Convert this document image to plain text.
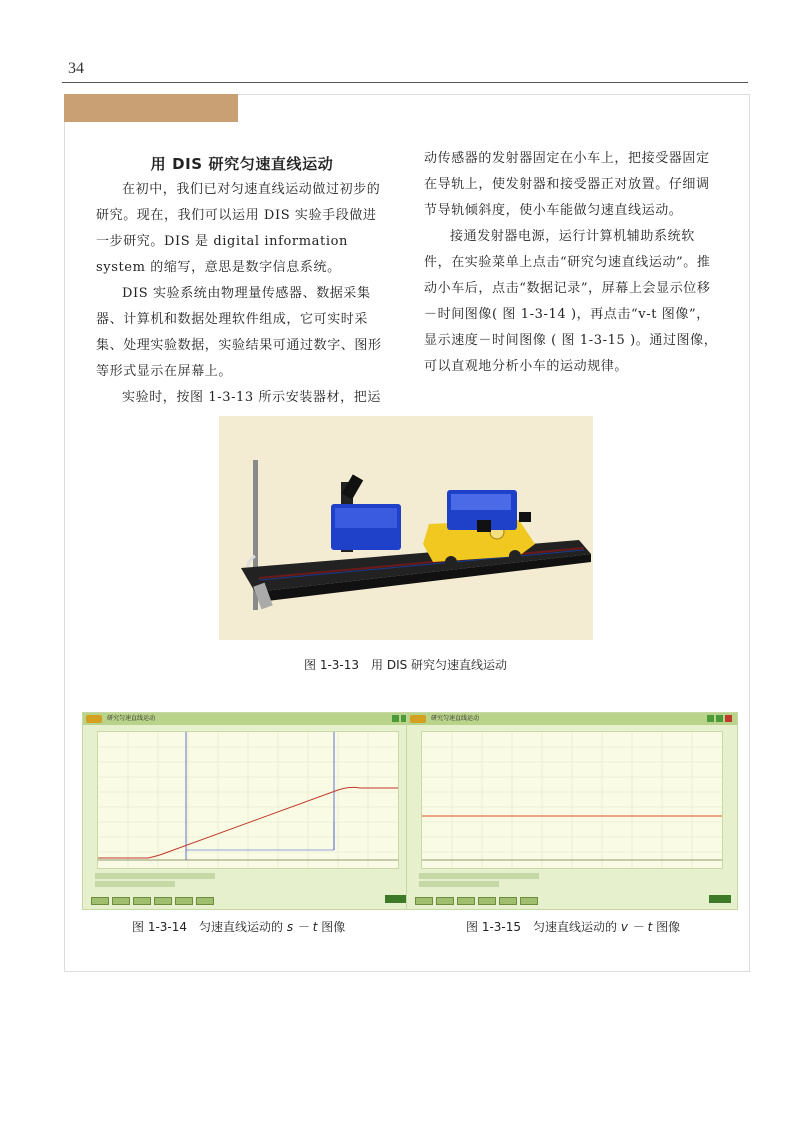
34

用 DIS 研究匀速直线运动

在初中，我们已对匀速直线运动做过初步的研究。现在，我们可以运用 DIS 实验手段做进一步研究。DIS 是 digital information system 的缩写，意思是数字信息系统。

DIS 实验系统由物理量传感器、数据采集器、计算机和数据处理软件组成，它可实时采集、处理实验数据，实验结果可通过数字、图形等形式显示在屏幕上。

实验时，按图 1-3-13 所示安装器材，把运

动传感器的发射器固定在小车上，把接受器固定在导轨上，使发射器和接受器正对放置。仔细调节导轨倾斜度，使小车能做匀速直线运动。

接通发射器电源，运行计算机辅助系统软件，在实验菜单上点击“研究匀速直线运动”。推动小车后，点击“数据记录”，屏幕上会显示位移－时间图像( 图 1-3-14 )，再点击“v-t 图像”，显示速度－时间图像 ( 图 1-3-15 )。通过图像，可以直观地分析小车的运动规律。

图 1-3-13　用 DIS 研究匀速直线运动
研究匀速直线运动
图 1-3-14　匀速直线运动的 s － t 图像
研究匀速直线运动
图 1-3-15　匀速直线运动的 v － t 图像
